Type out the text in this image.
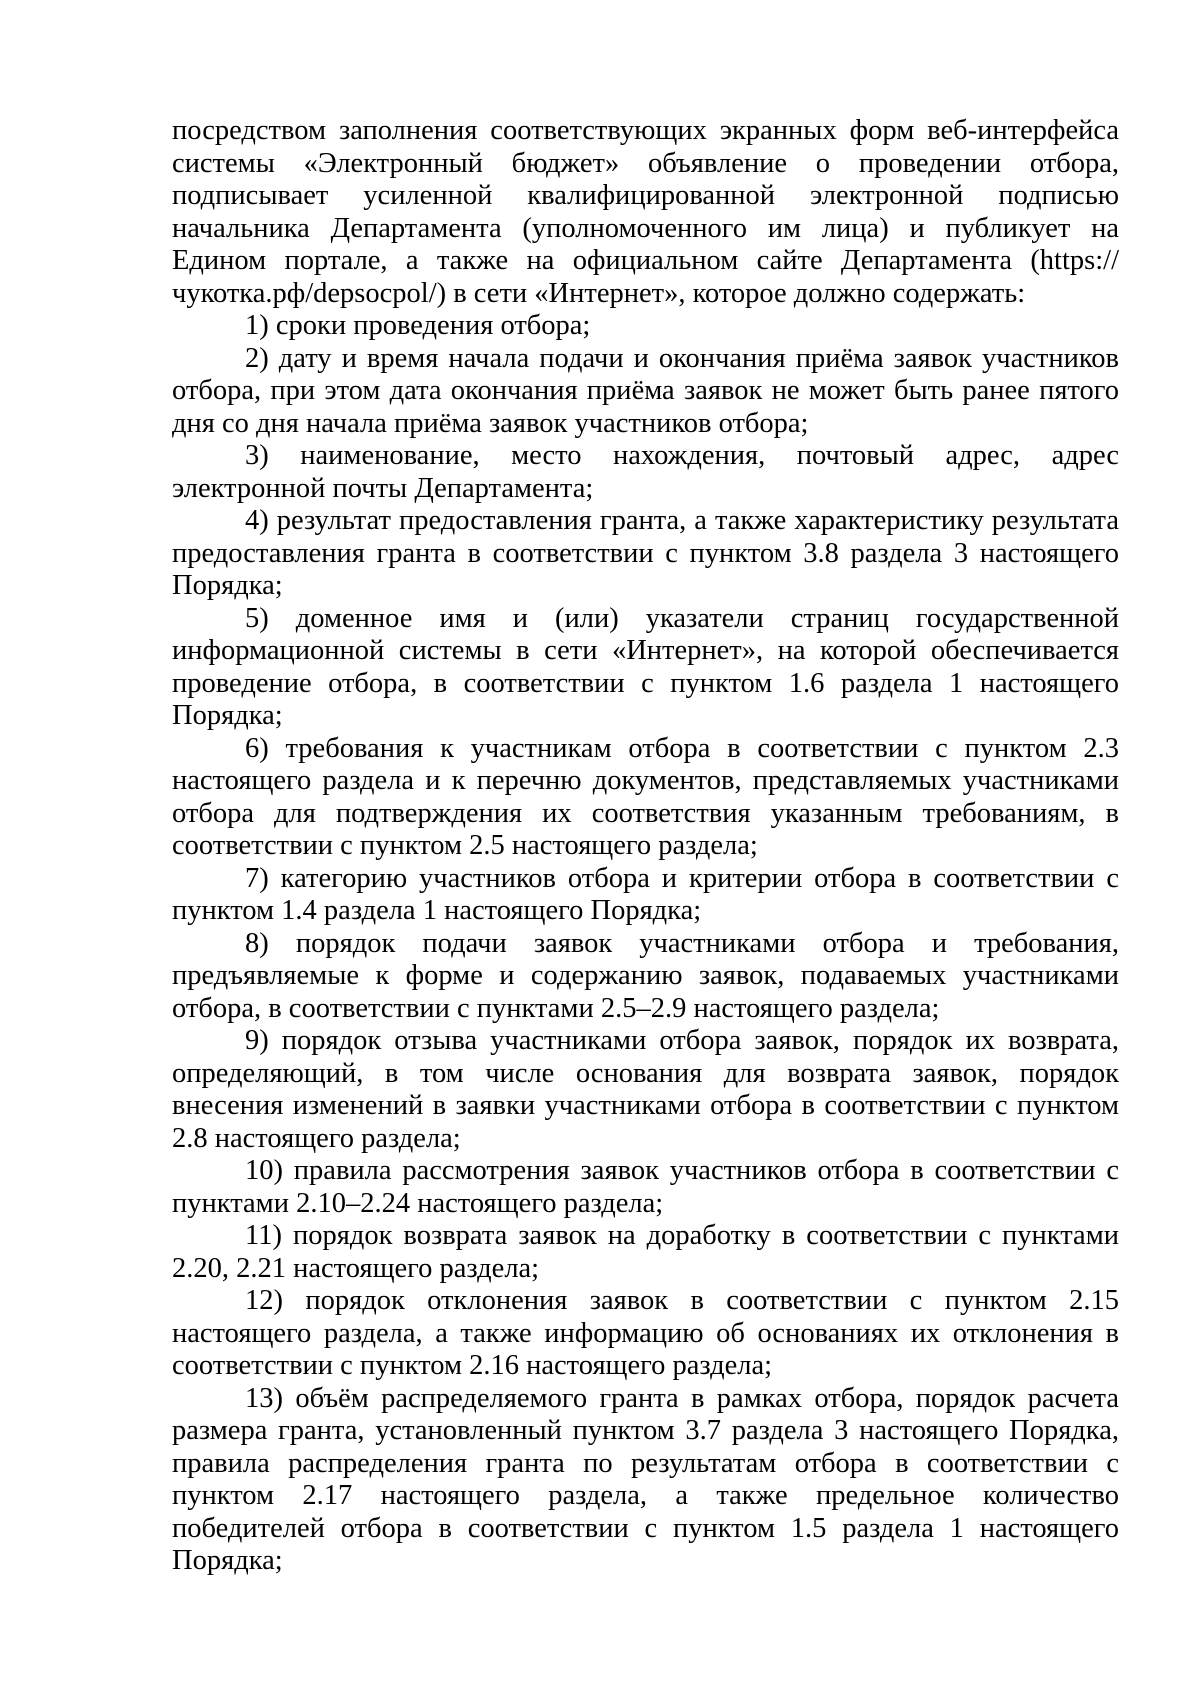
посредством заполнения соответствующих экранных форм веб-интерфейса системы «Электронный бюджет» объявление о проведении отбора, подписывает усиленной квалифицированной электронной подписью начальника Департамента (уполномоченного им лица) и публикует на Едином портале, а также на официальном сайте Департамента (https://чукотка.рф/depsocpol/) в сети «Интернет», которое должно содержать:

1) сроки проведения отбора;

2) дату и время начала подачи и окончания приёма заявок участников отбора, при этом дата окончания приёма заявок не может быть ранее пятого дня со дня начала приёма заявок участников отбора;

3) наименование, место нахождения, почтовый адрес, адрес электронной почты Департамента;

4) результат предоставления гранта, а также характеристику результата предоставления гранта в соответствии с пунктом 3.8 раздела 3 настоящего Порядка;

5) доменное имя и (или) указатели страниц государственной информационной системы в сети «Интернет», на которой обеспечивается проведение отбора, в соответствии с пунктом 1.6 раздела 1 настоящего Порядка;

6) требования к участникам отбора в соответствии с пунктом 2.3 настоящего раздела и к перечню документов, представляемых участниками отбора для подтверждения их соответствия указанным требованиям, в соответствии с пунктом 2.5 настоящего раздела;

7) категорию участников отбора и критерии отбора в соответствии с пунктом 1.4 раздела 1 настоящего Порядка;

8) порядок подачи заявок участниками отбора и требования, предъявляемые к форме и содержанию заявок, подаваемых участниками отбора, в соответствии с пунктами 2.5–2.9 настоящего раздела;

9) порядок отзыва участниками отбора заявок, порядок их возврата, определяющий, в том числе основания для возврата заявок, порядок внесения изменений в заявки участниками отбора в соответствии с пунктом 2.8 настоящего раздела;

10) правила рассмотрения заявок участников отбора в соответствии с пунктами 2.10–2.24 настоящего раздела;

11) порядок возврата заявок на доработку в соответствии с пунктами 2.20, 2.21 настоящего раздела;

12) порядок отклонения заявок в соответствии с пунктом 2.15 настоящего раздела, а также информацию об основаниях их отклонения в соответствии с пунктом 2.16 настоящего раздела;

13) объём распределяемого гранта в рамках отбора, порядок расчета размера гранта, установленный пунктом 3.7 раздела 3 настоящего Порядка, правила распределения гранта по результатам отбора в соответствии с пунктом 2.17 настоящего раздела, а также предельное количество победителей отбора в соответствии с пунктом 1.5 раздела 1 настоящего Порядка;
